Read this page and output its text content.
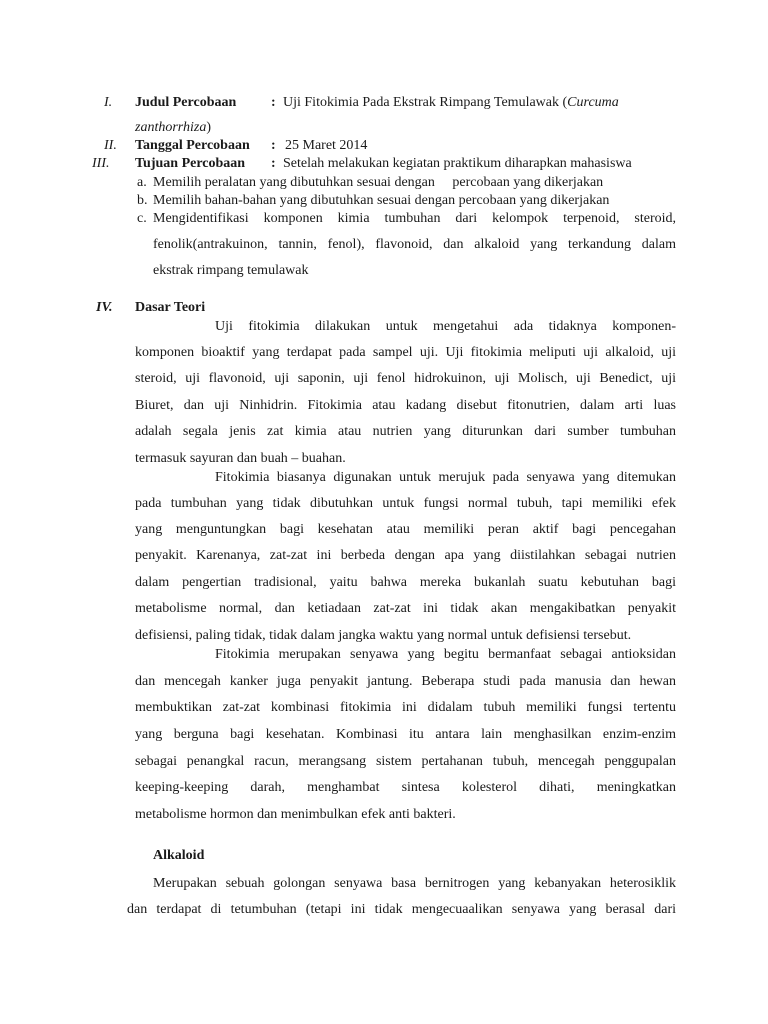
I. Judul Percobaan : Uji Fitokimia Pada Ekstrak Rimpang Temulawak (Curcuma
zanthorrhiza)
II. Tanggal Percobaan : 25 Maret 2014
III. Tujuan Percobaan : Setelah melakukan kegiatan praktikum diharapkan mahasiswa
a. Memilih peralatan yang dibutuhkan sesuai dengan     percobaan yang dikerjakan
b. Memilih bahan-bahan yang dibutuhkan sesuai dengan percobaan yang dikerjakan
c. Mengidentifikasi komponen kimia tumbuhan dari kelompok terpenoid, steroid,
fenolik(antrakuinon, tannin, fenol), flavonoid, dan alkaloid yang terkandung dalam
ekstrak rimpang temulawak
IV. Dasar Teori
Uji fitokimia dilakukan untuk mengetahui ada tidaknya komponen-
komponen bioaktif yang terdapat pada sampel uji. Uji fitokimia meliputi uji alkaloid, uji
steroid, uji flavonoid, uji saponin, uji fenol hidrokuinon, uji Molisch, uji Benedict, uji
Biuret, dan uji Ninhidrin. Fitokimia atau kadang disebut fitonutrien, dalam arti luas
adalah segala jenis zat kimia atau nutrien yang diturunkan dari sumber tumbuhan
termasuk sayuran dan buah – buahan.
Fitokimia biasanya digunakan untuk merujuk pada senyawa yang ditemukan
pada tumbuhan yang tidak dibutuhkan untuk fungsi normal tubuh, tapi memiliki efek
yang menguntungkan bagi kesehatan atau memiliki peran aktif bagi pencegahan
penyakit. Karenanya, zat-zat ini berbeda dengan apa yang diistilahkan sebagai nutrien
dalam pengertian tradisional, yaitu bahwa mereka bukanlah suatu kebutuhan bagi
metabolisme normal, dan ketiadaan zat-zat ini tidak akan mengakibatkan penyakit
defisiensi, paling tidak, tidak dalam jangka waktu yang normal untuk defisiensi tersebut.
Fitokimia merupakan senyawa yang begitu bermanfaat sebagai antioksidan
dan mencegah kanker juga penyakit jantung. Beberapa studi pada manusia dan hewan
membuktikan zat-zat kombinasi fitokimia ini didalam tubuh memiliki fungsi tertentu
yang berguna bagi kesehatan. Kombinasi itu antara lain menghasilkan enzim-enzim
sebagai penangkal racun, merangsang sistem pertahanan tubuh, mencegah penggupalan
keeping-keeping darah, menghambat sintesa kolesterol dihati, meningkatkan
metabolisme hormon dan menimbulkan efek anti bakteri.
Alkaloid
Merupakan sebuah golongan senyawa basa bernitrogen yang kebanyakan heterosiklik
dan terdapat di tetumbuhan (tetapi ini tidak mengecuaalikan senyawa yang berasal dari
